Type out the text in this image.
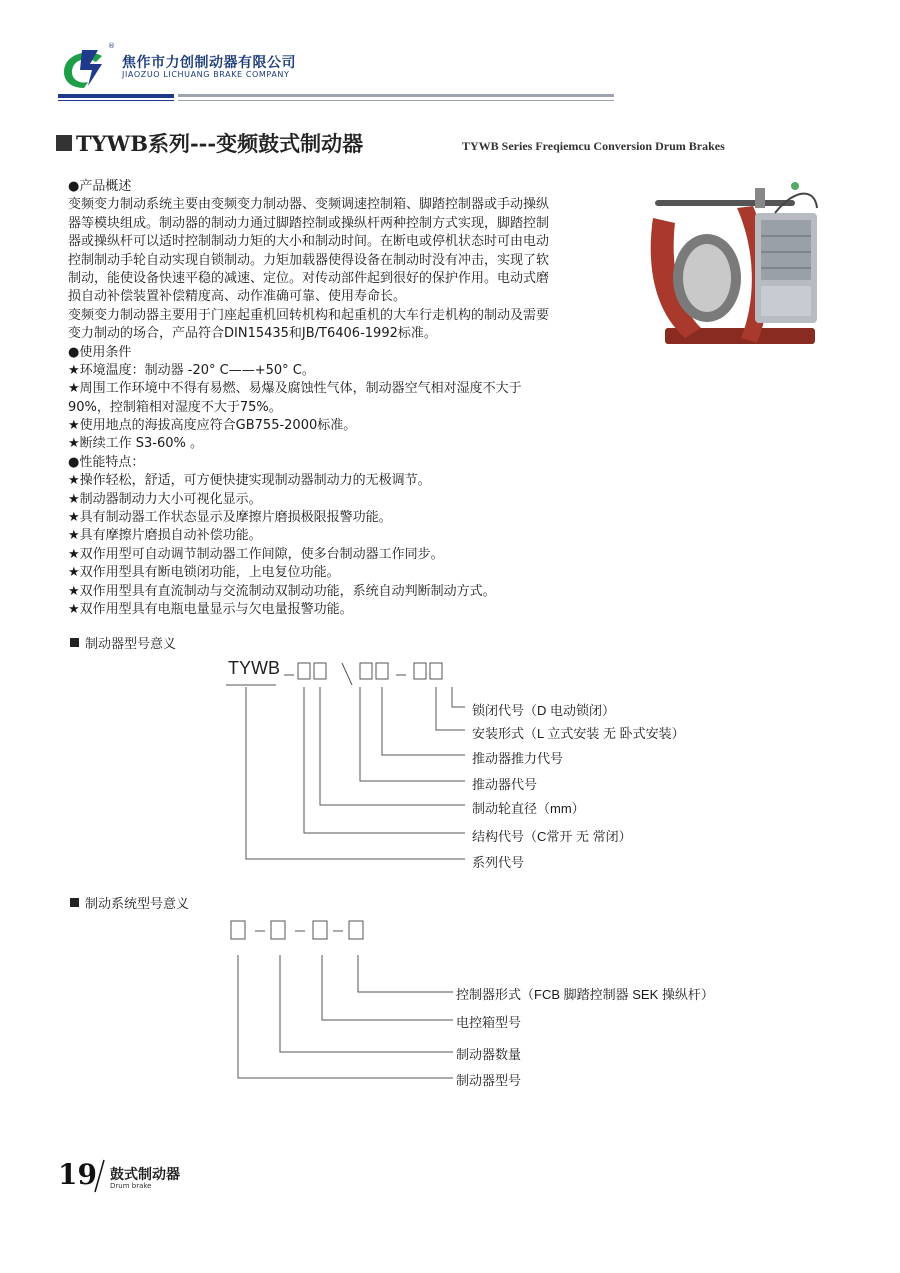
®
焦作市力创制动器有限公司
JIAOZUO LICHUANG BRAKE COMPANY
TYWB系列---变频鼓式制动器	TYWB Series Freqiemcu Conversion Drum Brakes
●产品概述
变频变力制动系统主要由变频变力制动器、变频调速控制箱、脚踏控制器或手动操纵
器等模块组成。制动器的制动力通过脚踏控制或操纵杆两种控制方式实现，脚踏控制
器或操纵杆可以适时控制制动力矩的大小和制动时间。在断电或停机状态时可由电动
控制制动手轮自动实现自锁制动。力矩加载器使得设备在制动时没有冲击，实现了软
制动，能使设备快速平稳的减速、定位。对传动部件起到很好的保护作用。电动式磨
损自动补偿装置补偿精度高、动作准确可靠、使用寿命长。
变频变力制动器主要用于门座起重机回转机构和起重机的大车行走机构的制动及需要
变力制动的场合，产品符合DIN15435和JB/T6406-1992标准。
●使用条件
★环境温度：制动器 -20° C——+50° C。
★周围工作环境中不得有易燃、易爆及腐蚀性气体，制动器空气相对湿度不大于
90%，控制箱相对湿度不大于75%。
★使用地点的海拔高度应符合GB755-2000标准。
★断续工作 S3-60% 。
●性能特点：
★操作轻松，舒适，可方便快捷实现制动器制动力的无极调节。
★制动器制动力大小可视化显示。
★具有制动器工作状态显示及摩擦片磨损极限报警功能。
★具有摩擦片磨损自动补偿功能。
★双作用型可自动调节制动器工作间隙，使多台制动器工作同步。
★双作用型具有断电锁闭功能，上电复位功能。
★双作用型具有直流制动与交流制动双制动功能，系统自动判断制动方式。
★双作用型具有电瓶电量显示与欠电量报警功能。
制动器型号意义
TYWB
锁闭代号（D 电动锁闭）
安装形式（L 立式安装 无 卧式安装）
推动器推力代号
推动器代号
制动轮直径（mm）
结构代号（C常开 无 常闭）
系列代号
制动系统型号意义
控制器形式（FCB 脚踏控制器 SEK 操纵杆）
电控箱型号
制动器数量
制动器型号
19 鼓式制动器
Drum brake
